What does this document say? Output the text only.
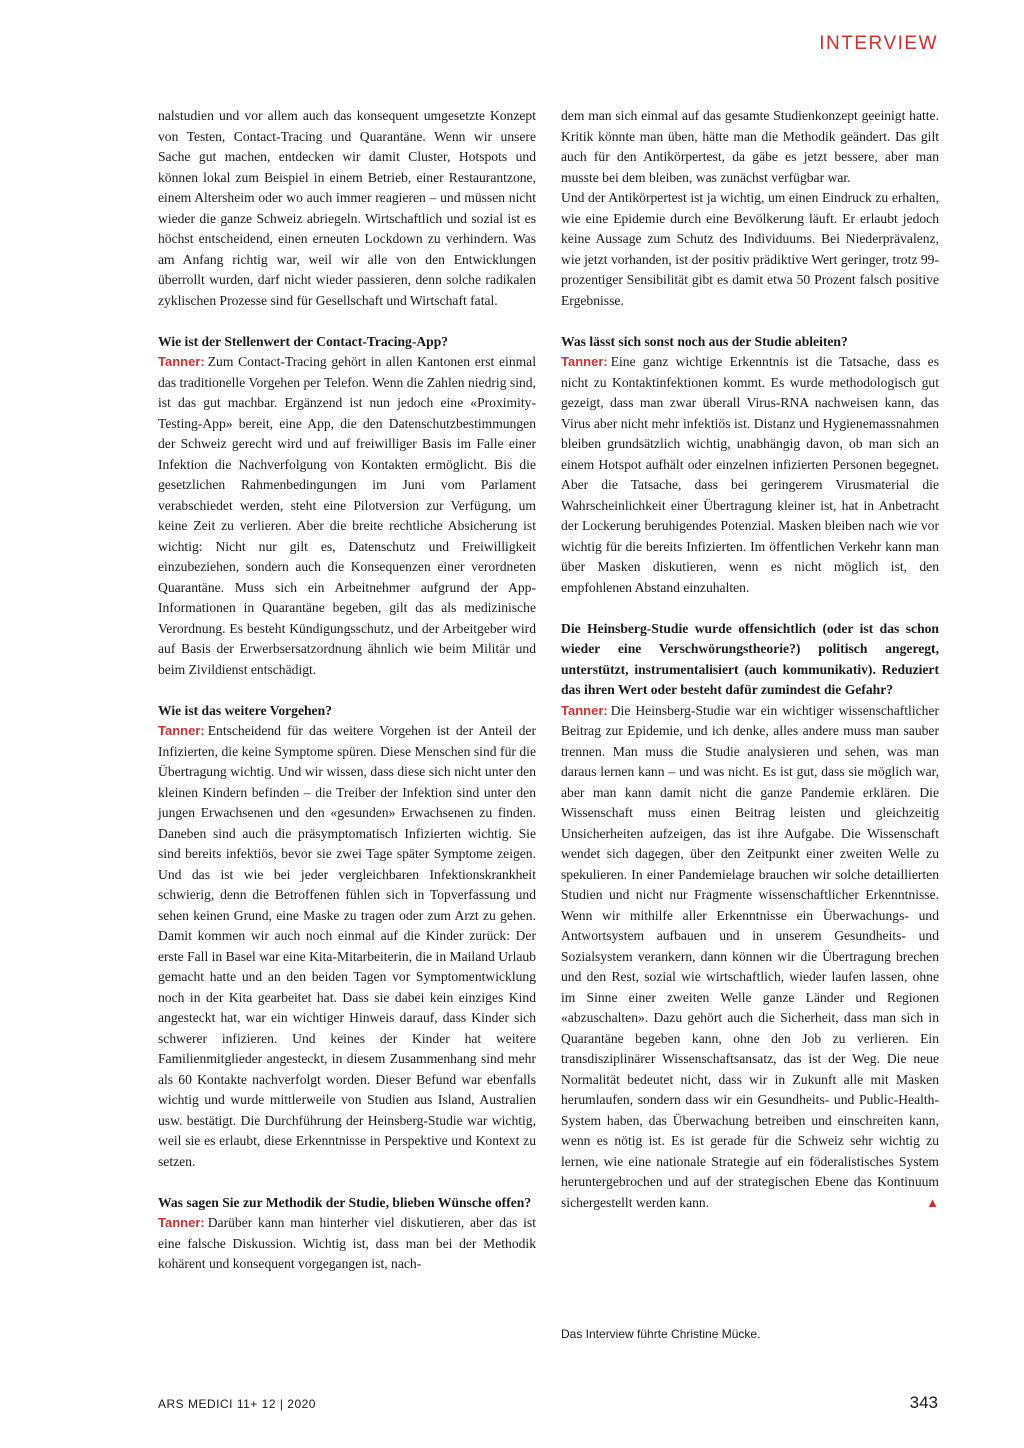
INTERVIEW

nalstudien und vor allem auch das konsequent umgesetzte Konzept von Testen, Contact-Tracing und Quarantäne. Wenn wir unsere Sache gut machen, entdecken wir damit Cluster, Hotspots und können lokal zum Beispiel in einem Betrieb, einer Restaurantzone, einem Altersheim oder wo auch immer reagieren – und müssen nicht wieder die ganze Schweiz abriegeln. Wirtschaftlich und sozial ist es höchst entscheidend, einen erneuten Lockdown zu verhindern. Was am Anfang richtig war, weil wir alle von den Entwicklungen überrollt wurden, darf nicht wieder passieren, denn solche radikalen zyklischen Prozesse sind für Gesellschaft und Wirtschaft fatal.

Wie ist der Stellenwert der Contact-Tracing-App?

Tanner: Zum Contact-Tracing gehört in allen Kantonen erst einmal das traditionelle Vorgehen per Telefon. Wenn die Zahlen niedrig sind, ist das gut machbar. Ergänzend ist nun jedoch eine «Proximity-Testing-App» bereit, eine App, die den Datenschutzbestimmungen der Schweiz gerecht wird und auf freiwilliger Basis im Falle einer Infektion die Nachverfolgung von Kontakten ermöglicht. Bis die gesetzlichen Rahmenbedingungen im Juni vom Parlament verabschiedet werden, steht eine Pilotversion zur Verfügung, um keine Zeit zu verlieren. Aber die breite rechtliche Absicherung ist wichtig: Nicht nur gilt es, Datenschutz und Freiwilligkeit einzubeziehen, sondern auch die Konsequenzen einer verordneten Quarantäne. Muss sich ein Arbeitnehmer aufgrund der App-Informationen in Quarantäne begeben, gilt das als medizinische Verordnung. Es besteht Kündigungsschutz, und der Arbeitgeber wird auf Basis der Erwerbsersatzordnung ähnlich wie beim Militär und beim Zivildienst entschädigt.

Wie ist das weitere Vorgehen?

Tanner: Entscheidend für das weitere Vorgehen ist der Anteil der Infizierten, die keine Symptome spüren. Diese Menschen sind für die Übertragung wichtig. Und wir wissen, dass diese sich nicht unter den kleinen Kindern befinden – die Treiber der Infektion sind unter den jungen Erwachsenen und den «gesunden» Erwachsenen zu finden. Daneben sind auch die präsymptomatisch Infizierten wichtig. Sie sind bereits infektiös, bevor sie zwei Tage später Symptome zeigen. Und das ist wie bei jeder vergleichbaren Infektionskrankheit schwierig, denn die Betroffenen fühlen sich in Topverfassung und sehen keinen Grund, eine Maske zu tragen oder zum Arzt zu gehen. Damit kommen wir auch noch einmal auf die Kinder zurück: Der erste Fall in Basel war eine Kita-Mitarbeiterin, die in Mailand Urlaub gemacht hatte und an den beiden Tagen vor Symptomentwicklung noch in der Kita gearbeitet hat. Dass sie dabei kein einziges Kind angesteckt hat, war ein wichtiger Hinweis darauf, dass Kinder sich schwerer infizieren. Und keines der Kinder hat weitere Familienmitglieder angesteckt, in diesem Zusammenhang sind mehr als 60 Kontakte nachverfolgt worden. Dieser Befund war ebenfalls wichtig und wurde mittlerweile von Studien aus Island, Australien usw. bestätigt. Die Durchführung der Heinsberg-Studie war wichtig, weil sie es erlaubt, diese Erkenntnisse in Perspektive und Kontext zu setzen.

Was sagen Sie zur Methodik der Studie, blieben Wünsche offen?

Tanner: Darüber kann man hinterher viel diskutieren, aber das ist eine falsche Diskussion. Wichtig ist, dass man bei der Methodik kohärent und konsequent vorgegangen ist, nach-

dem man sich einmal auf das gesamte Studienkonzept geeinigt hatte. Kritik könnte man üben, hätte man die Methodik geändert. Das gilt auch für den Antikörpertest, da gäbe es jetzt bessere, aber man musste bei dem bleiben, was zunächst verfügbar war.

Und der Antikörpertest ist ja wichtig, um einen Eindruck zu erhalten, wie eine Epidemie durch eine Bevölkerung läuft. Er erlaubt jedoch keine Aussage zum Schutz des Individuums. Bei Niederprävalenz, wie jetzt vorhanden, ist der positiv prädiktive Wert geringer, trotz 99-prozentiger Sensibilität gibt es damit etwa 50 Prozent falsch positive Ergebnisse.

Was lässt sich sonst noch aus der Studie ableiten?

Tanner: Eine ganz wichtige Erkenntnis ist die Tatsache, dass es nicht zu Kontaktinfektionen kommt. Es wurde methodologisch gut gezeigt, dass man zwar überall Virus-RNA nachweisen kann, das Virus aber nicht mehr infektiös ist. Distanz und Hygienemassnahmen bleiben grundsätzlich wichtig, unabhängig davon, ob man sich an einem Hotspot aufhält oder einzelnen infizierten Personen begegnet. Aber die Tatsache, dass bei geringerem Virusmaterial die Wahrscheinlichkeit einer Übertragung kleiner ist, hat in Anbetracht der Lockerung beruhigendes Potenzial. Masken bleiben nach wie vor wichtig für die bereits Infizierten. Im öffentlichen Verkehr kann man über Masken diskutieren, wenn es nicht möglich ist, den empfohlenen Abstand einzuhalten.

Die Heinsberg-Studie wurde offensichtlich (oder ist das schon wieder eine Verschwörungstheorie?) politisch angeregt, unterstützt, instrumentalisiert (auch kommunikativ). Reduziert das ihren Wert oder besteht dafür zumindest die Gefahr?

Tanner: Die Heinsberg-Studie war ein wichtiger wissenschaftlicher Beitrag zur Epidemie, und ich denke, alles andere muss man sauber trennen. Man muss die Studie analysieren und sehen, was man daraus lernen kann – und was nicht. Es ist gut, dass sie möglich war, aber man kann damit nicht die ganze Pandemie erklären. Die Wissenschaft muss einen Beitrag leisten und gleichzeitig Unsicherheiten aufzeigen, das ist ihre Aufgabe. Die Wissenschaft wendet sich dagegen, über den Zeitpunkt einer zweiten Welle zu spekulieren. In einer Pandemielage brauchen wir solche detaillierten Studien und nicht nur Fragmente wissenschaftlicher Erkenntnisse. Wenn wir mithilfe aller Erkenntnisse ein Überwachungs- und Antwortsystem aufbauen und in unserem Gesundheits- und Sozialsystem verankern, dann können wir die Übertragung brechen und den Rest, sozial wie wirtschaftlich, wieder laufen lassen, ohne im Sinne einer zweiten Welle ganze Länder und Regionen «abzuschalten». Dazu gehört auch die Sicherheit, dass man sich in Quarantäne begeben kann, ohne den Job zu verlieren. Ein transdisziplinärer Wissenschaftsansatz, das ist der Weg. Die neue Normalität bedeutet nicht, dass wir in Zukunft alle mit Masken herumlaufen, sondern dass wir ein Gesundheits- und Public-Health-System haben, das Überwachung betreiben und einschreiten kann, wenn es nötig ist. Es ist gerade für die Schweiz sehr wichtig zu lernen, wie eine nationale Strategie auf ein föderalistisches System heruntergebrochen und auf der strategischen Ebene das Kontinuum sichergestellt werden kann.	▲

Das Interview führte Christine Mücke.
ARS MEDICI 11+ 12 | 2020	343
